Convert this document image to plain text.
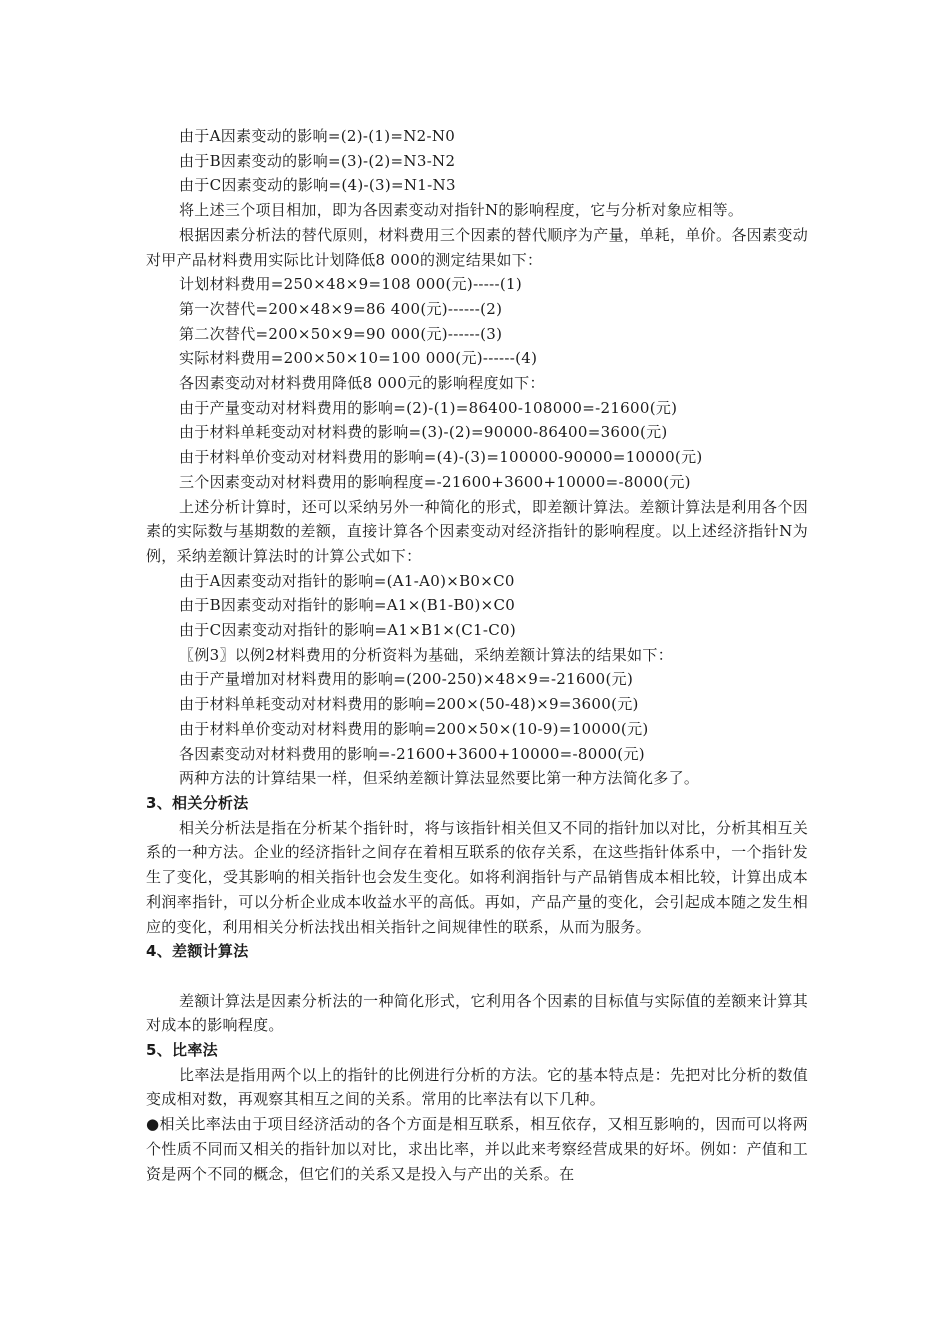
由于A因素变动的影响=(2)-(1)=N2-N0
由于B因素变动的影响=(3)-(2)=N3-N2
由于C因素变动的影响=(4)-(3)=N1-N3
将上述三个项目相加，即为各因素变动对指针N的影响程度，它与分析对象应相等。
根据因素分析法的替代原则，材料费用三个因素的替代顺序为产量，单耗，单价。各因素变动对甲产品材料费用实际比计划降低8 000的测定结果如下：
计划材料费用=250×48×9=108 000(元)-----(1)
第一次替代=200×48×9=86 400(元)------(2)
第二次替代=200×50×9=90 000(元)------(3)
实际材料费用=200×50×10=100 000(元)------(4)
各因素变动对材料费用降低8 000元的影响程度如下：
由于产量变动对材料费用的影响=(2)-(1)=86400-108000=-21600(元)
由于材料单耗变动对材料费的影响=(3)-(2)=90000-86400=3600(元)
由于材料单价变动对材料费用的影响=(4)-(3)=100000-90000=10000(元)
三个因素变动对材料费用的影响程度=-21600+3600+10000=-8000(元)
上述分析计算时，还可以采纳另外一种简化的形式，即差额计算法。差额计算法是利用各个因素的实际数与基期数的差额，直接计算各个因素变动对经济指针的影响程度。以上述经济指针N为例，采纳差额计算法时的计算公式如下：
由于A因素变动对指针的影响=(A1-A0)×B0×C0
由于B因素变动对指针的影响=A1×(B1-B0)×C0
由于C因素变动对指针的影响=A1×B1×(C1-C0)
〖例3〗以例2材料费用的分析资料为基础，采纳差额计算法的结果如下：
由于产量增加对材料费用的影响=(200-250)×48×9=-21600(元)
由于材料单耗变动对材料费用的影响=200×(50-48)×9=3600(元)
由于材料单价变动对材料费用的影响=200×50×(10-9)=10000(元)
各因素变动对材料费用的影响=-21600+3600+10000=-8000(元)
两种方法的计算结果一样，但采纳差额计算法显然要比第一种方法简化多了。
3、相关分析法
相关分析法是指在分析某个指针时，将与该指针相关但又不同的指针加以对比，分析其相互关系的一种方法。企业的经济指针之间存在着相互联系的依存关系，在这些指针体系中，一个指针发生了变化，受其影响的相关指针也会发生变化。如将利润指针与产品销售成本相比较，计算出成本利润率指针，可以分析企业成本收益水平的高低。再如，产品产量的变化，会引起成本随之发生相应的变化，利用相关分析法找出相关指针之间规律性的联系，从而为服务。
4、差额计算法
差额计算法是因素分析法的一种简化形式，它利用各个因素的目标值与实际值的差额来计算其对成本的影响程度。
5、比率法
比率法是指用两个以上的指针的比例进行分析的方法。它的基本特点是：先把对比分析的数值变成相对数，再观察其相互之间的关系。常用的比率法有以下几种。
●相关比率法由于项目经济活动的各个方面是相互联系，相互依存，又相互影响的，因而可以将两个性质不同而又相关的指针加以对比，求出比率，并以此来考察经营成果的好坏。例如：产值和工资是两个不同的概念，但它们的关系又是投入与产出的关系。在
